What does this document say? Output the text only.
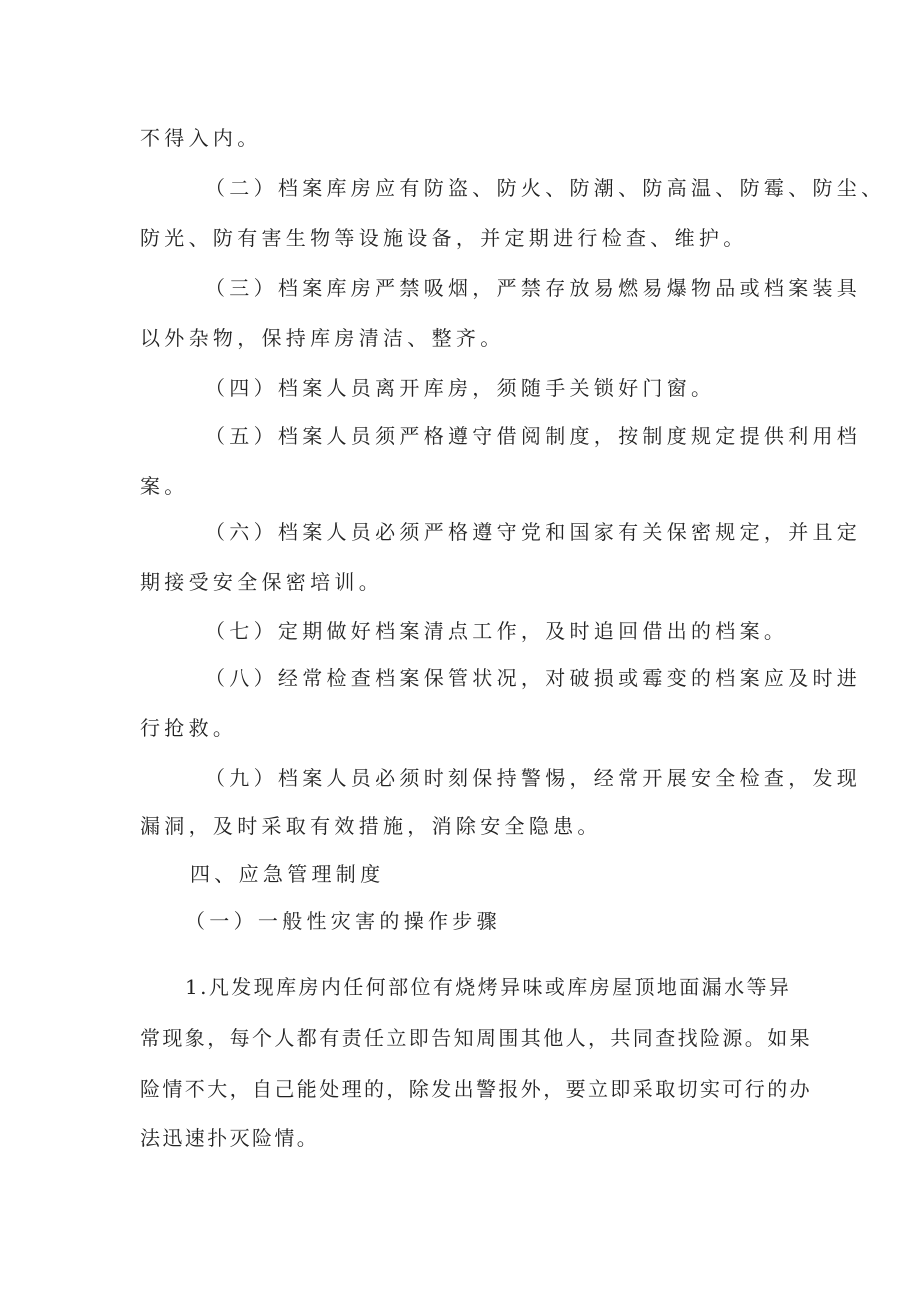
不得入内。

（二）档案库房应有防盗、防火、防潮、防高温、防霉、防尘、

防光、防有害生物等设施设备，并定期进行检查、维护。

（三）档案库房严禁吸烟，严禁存放易燃易爆物品或档案装具

以外杂物，保持库房清洁、整齐。

（四）档案人员离开库房，须随手关锁好门窗。

（五）档案人员须严格遵守借阅制度，按制度规定提供利用档

案。

（六）档案人员必须严格遵守党和国家有关保密规定，并且定

期接受安全保密培训。

（七）定期做好档案清点工作，及时追回借出的档案。

（八）经常检查档案保管状况，对破损或霉变的档案应及时进

行抢救。

（九）档案人员必须时刻保持警惕，经常开展安全检查，发现

漏洞，及时采取有效措施，消除安全隐患。

四、应急管理制度

（一）一般性灾害的操作步骤

1.凡发现库房内任何部位有烧烤异味或库房屋顶地面漏水等异

常现象，每个人都有责任立即告知周围其他人，共同查找险源。如果

险情不大，自己能处理的，除发出警报外，要立即采取切实可行的办

法迅速扑灭险情。
